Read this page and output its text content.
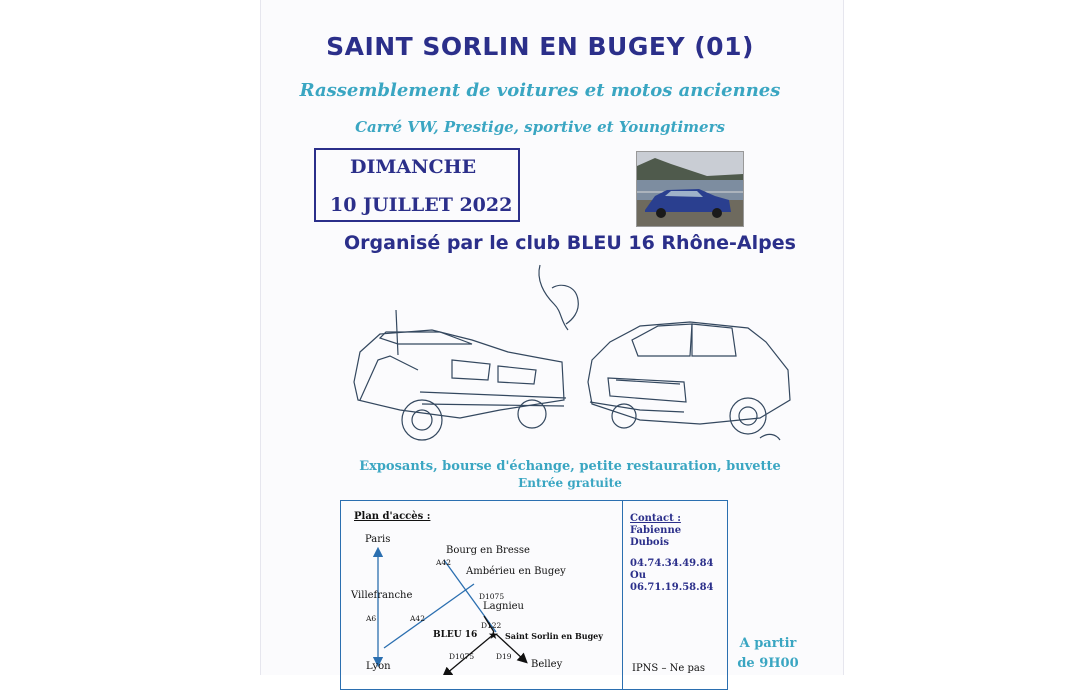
SAINT SORLIN EN BUGEY (01)
Rassemblement de voitures et motos anciennes
Carré VW, Prestige, sportive et Youngtimers
DIMANCHE
10 JUILLET 2022
Organisé par le club BLEU 16 Rhône-Alpes
Exposants, bourse d'échange, petite restauration, buvette
Entrée gratuite
Plan d'accès :
★
Paris
Bourg en Bresse
A42
Ambérieu en Bugey
Villefranche	D1075
Lagnieu
A6	A42
D122
BLEU 16	Saint Sorlin en Bugey
D1075	D19
Lyon	Belley
Contact :
Fabienne
Dubois
04.74.34.49.84
Ou
06.71.19.58.84
IPNS – Ne pas
A partir
de 9H00
